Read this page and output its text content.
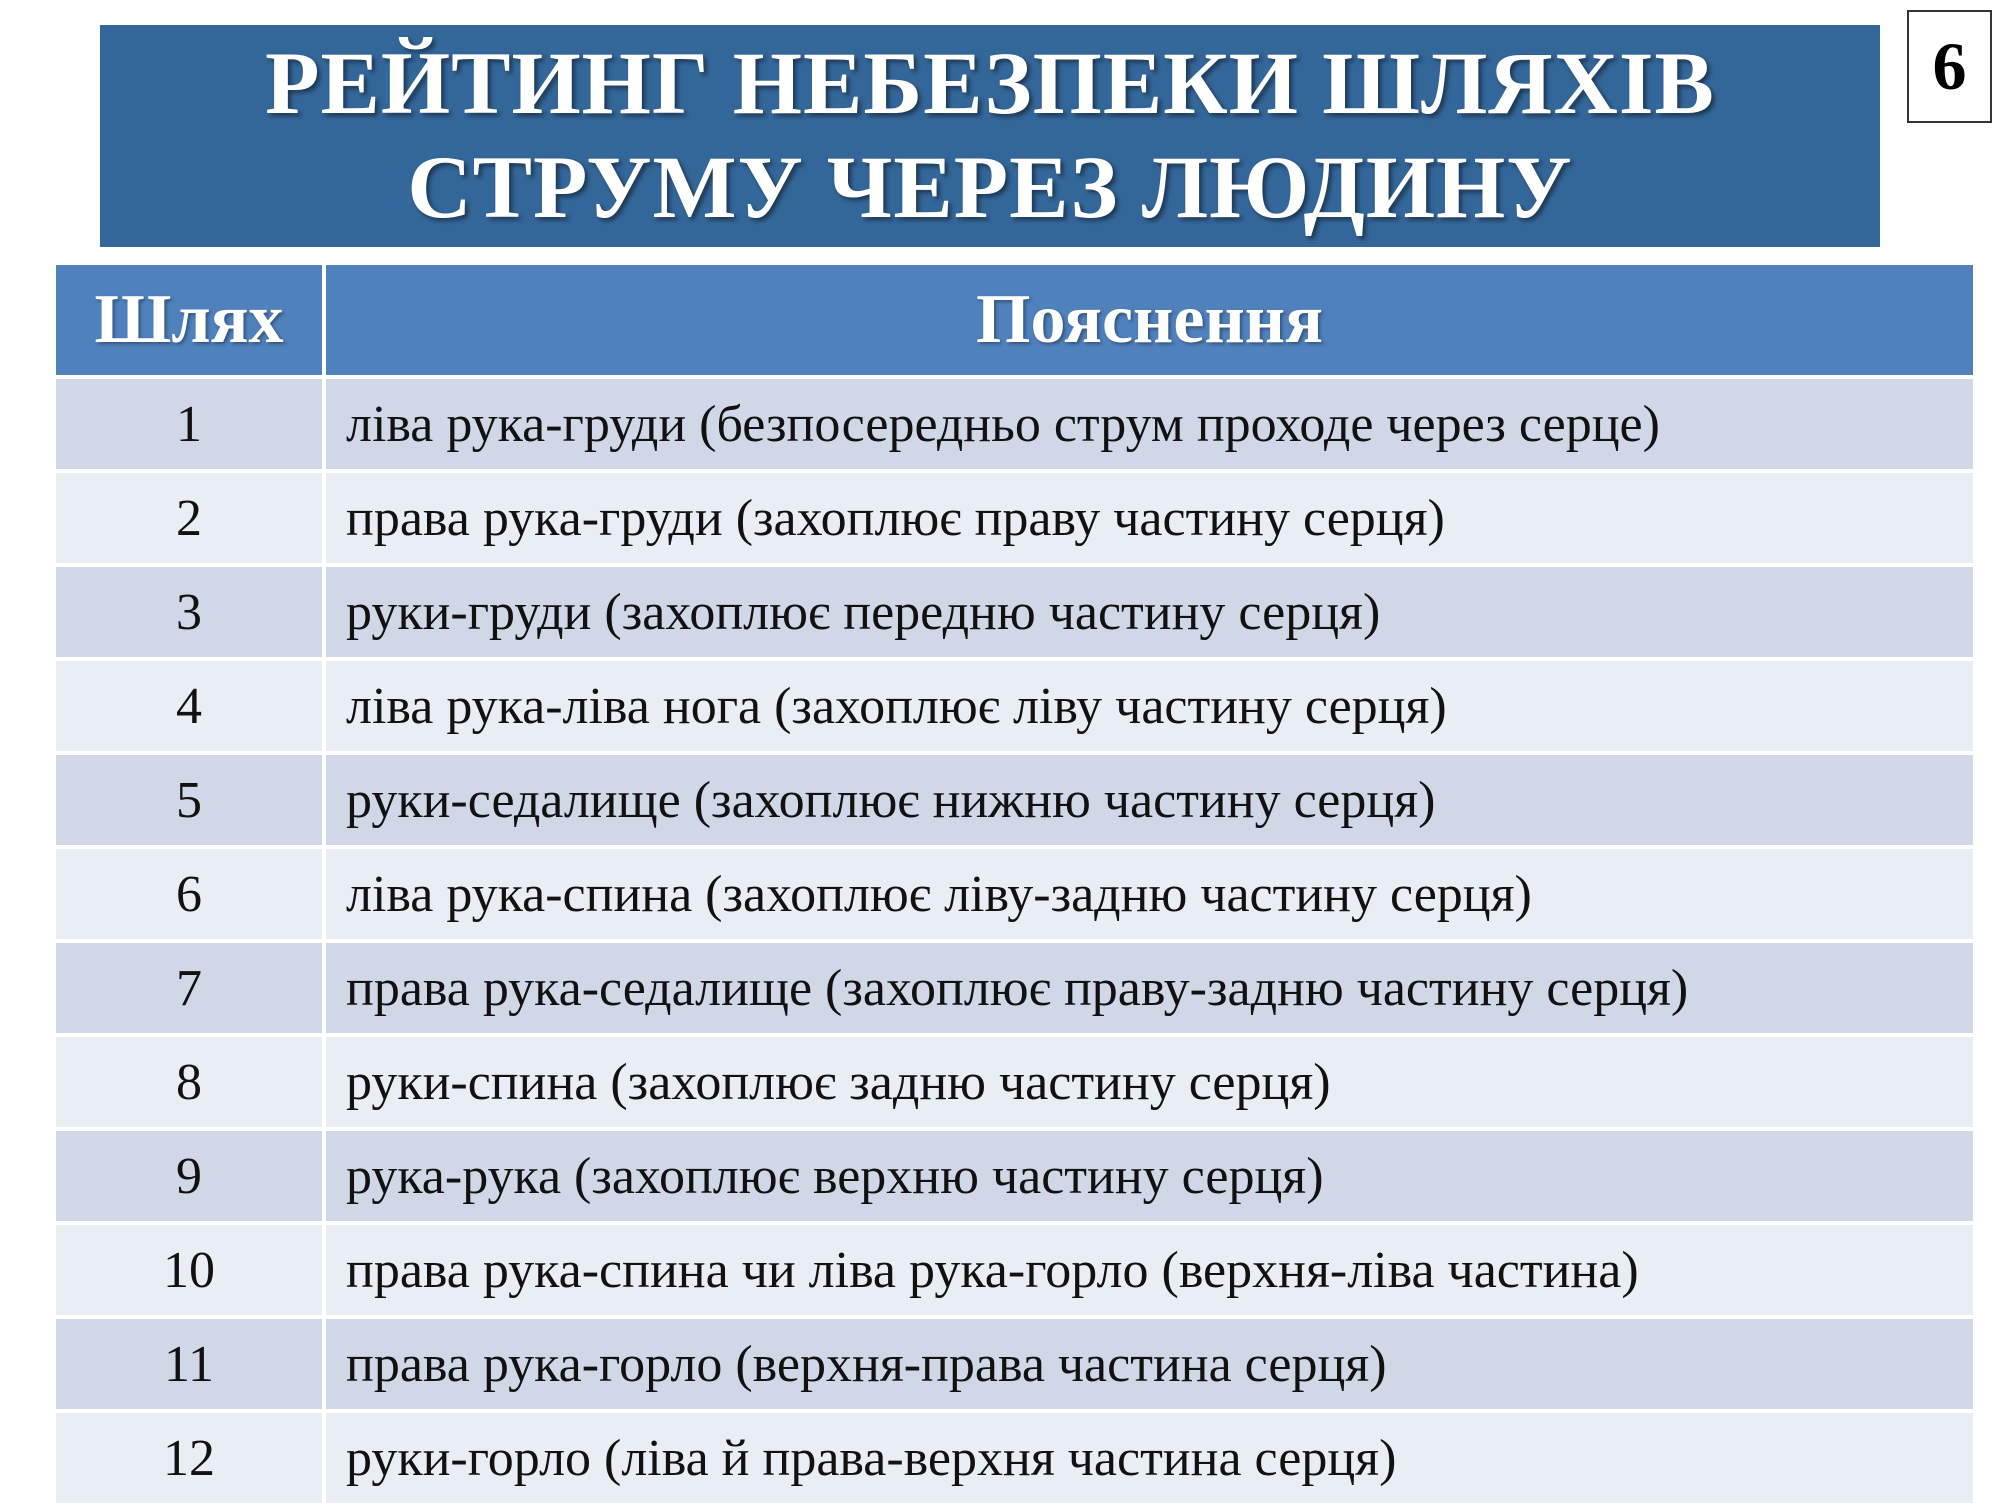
РЕЙТИНГ НЕБЕЗПЕКИ ШЛЯХІВ
СТРУМУ ЧЕРЕЗ ЛЮДИНУ
6
Шлях	Пояснення
1	ліва рука-груди (безпосередньо струм проходе через серце)
2	права рука-груди (захоплює праву частину серця)
3	руки-груди (захоплює передню частину серця)
4	ліва рука-ліва нога (захоплює ліву частину серця)
5	руки-седалище (захоплює нижню частину серця)
6	ліва рука-спина (захоплює ліву-задню частину серця)
7	права рука-седалище (захоплює праву-задню частину серця)
8	руки-спина (захоплює задню частину серця)
9	рука-рука (захоплює верхню частину серця)
10	права рука-спина чи ліва рука-горло (верхня-ліва частина)
11	права рука-горло (верхня-права частина серця)
12	руки-горло (ліва й права-верхня частина серця)
